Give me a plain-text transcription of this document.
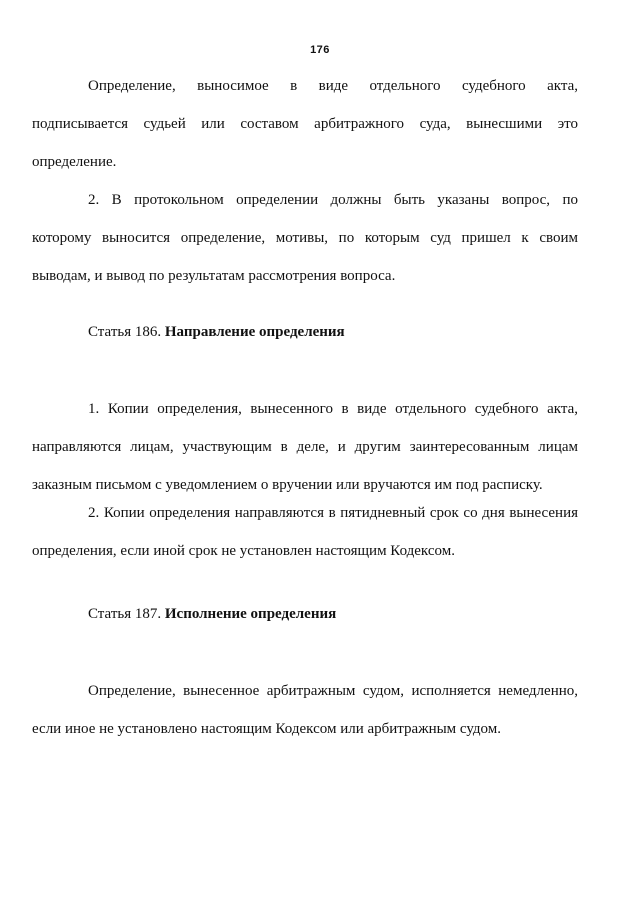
176
Определение, выносимое в виде отдельного судебного акта,
подписывается судьей или составом арбитражного суда, вынесшими это определение.
2. В протокольном определении должны быть указаны вопрос, по
которому выносится определение, мотивы, по которым суд пришел к своим выводам, и вывод по результатам рассмотрения вопроса.
Статья 186. Направление определения
1. Копии определения, вынесенного в виде отдельного судебного акта,
направляются лицам, участвующим в деле, и другим заинтересованным лицам заказным письмом с уведомлением о вручении или вручаются им под расписку.
2. Копии определения направляются в пятидневный срок со дня вынесения
определения, если иной срок не установлен настоящим Кодексом.
Статья 187. Исполнение определения
Определение, вынесенное арбитражным судом, исполняется немедленно,
если иное не установлено настоящим Кодексом или арбитражным судом.
